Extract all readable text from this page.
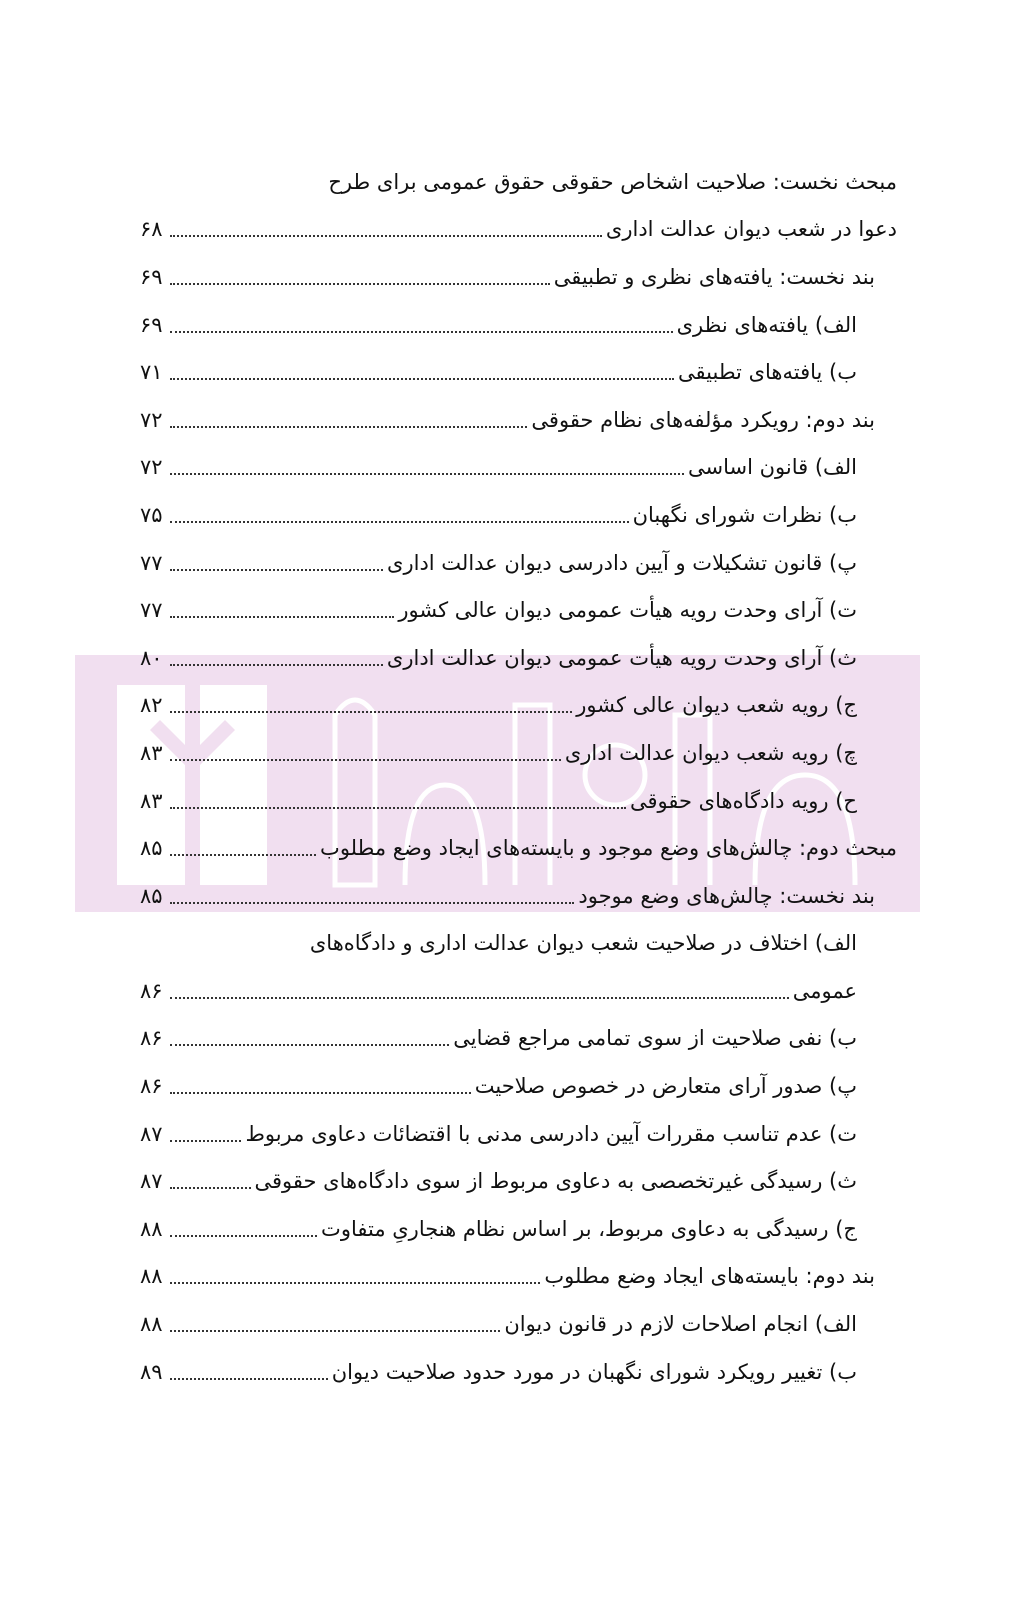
مبحث نخست: صلاحیت اشخاص حقوقی حقوق عمومی برای طرح
دعوا در شعب دیوان عدالت اداری
۶۸
بند نخست: یافته‌های نظری و تطبیقی
۶۹
الف) یافته‌های نظری
۶۹
ب) یافته‌های تطبیقی
۷۱
بند دوم: رویکرد مؤلفه‌های نظام حقوقی
۷۲
الف) قانون اساسی
۷۲
ب) نظرات شورای نگهبان
۷۵
پ) قانون تشکیلات و آیین دادرسی دیوان عدالت اداری
۷۷
ت) آرای وحدت رویه هیأت عمومی دیوان عالی کشور
۷۷
ث) آرای وحدت رویه هیأت عمومی دیوان عدالت اداری
۸۰
ج) رویه شعب دیوان عالی کشور
۸۲
چ) رویه شعب دیوان عدالت اداری
۸۳
ح) رویه دادگاه‌های حقوقی
۸۳
مبحث دوم: چالش‌های وضع موجود و بایسته‌های ایجاد وضع مطلوب
۸۵
بند نخست: چالش‌های وضع موجود
۸۵
الف) اختلاف در صلاحیت شعب دیوان عدالت اداری و دادگاه‌های
عمومی
۸۶
ب) نفی صلاحیت از سوی تمامی مراجع قضایی
۸۶
پ) صدور آرای متعارض در خصوص صلاحیت
۸۶
ت) عدم تناسب مقررات آیین دادرسی مدنی با اقتضائات دعاوی مربوط
۸۷
ث) رسیدگی غیرتخصصی به دعاوی مربوط از سوی دادگاه‌های حقوقی
۸۷
ج) رسیدگی به دعاوی مربوط، بر اساس نظام هنجاریِ متفاوت
۸۸
بند دوم: بایسته‌های ایجاد وضع مطلوب
۸۸
الف) انجام اصلاحات لازم در قانون دیوان
۸۸
ب) تغییر رویکرد شورای نگهبان در مورد حدود صلاحیت دیوان
۸۹
